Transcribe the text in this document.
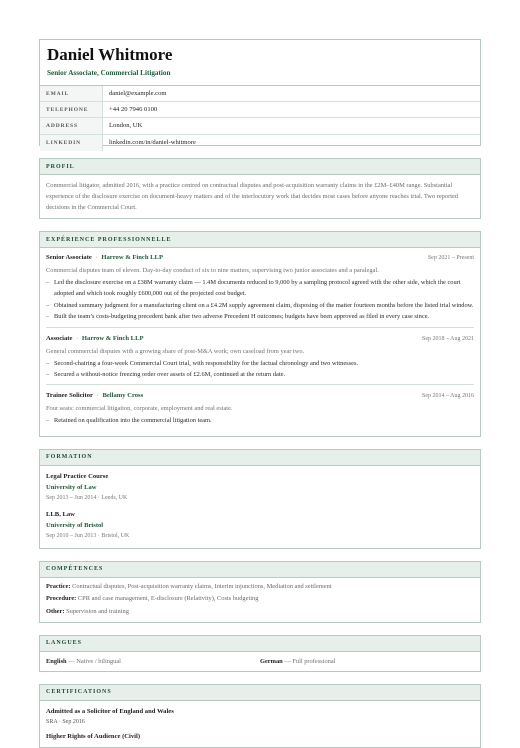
Daniel Whitmore
Senior Associate, Commercial Litigation
EMAIL	daniel@example.com
TELEPHONE	+44 20 7946 0100
ADDRESS	London, UK
LINKEDIN	linkedin.com/in/daniel-whitmore
PROFIL
Commercial litigator, admitted 2016, with a practice centred on contractual disputes and post-acquisition warranty claims in the £2M–£40M range. Substantial experience of the disclosure exercise on document-heavy matters and of the interlocutory work that decides most cases before anyone reaches trial. Two reported decisions in the Commercial Court.
EXPÉRIENCE PROFESSIONNELLE
Senior Associate · Harrow & Finch LLP	Sep 2021 – Present
Commercial disputes team of eleven. Day-to-day conduct of six to nine matters, supervising two junior associates and a paralegal.
– Led the disclosure exercise on a £38M warranty claim — 1.4M documents reduced to 9,000 by a sampling protocol agreed with the other side, which the court adopted and which took roughly £600,000 out of the projected cost budget.
– Obtained summary judgment for a manufacturing client on a £4.2M supply agreement claim, disposing of the matter fourteen months before the listed trial window.
– Built the team’s costs-budgeting precedent bank after two adverse Precedent H outcomes; budgets have been approved as filed in every case since.
Associate · Harrow & Finch LLP	Sep 2018 – Aug 2021
General commercial disputes with a growing share of post-M&A work; own caseload from year two.
– Second-chairing a four-week Commercial Court trial, with responsibility for the factual chronology and two witnesses.
– Secured a without-notice freezing order over assets of £2.6M, continued at the return date.
Trainee Solicitor · Bellamy Cross	Sep 2014 – Aug 2016
Four seats: commercial litigation, corporate, employment and real estate.
– Retained on qualification into the commercial litigation team.
FORMATION
Legal Practice Course
University of Law
Sep 2013 – Jun 2014 · Leeds, UK
LLB, Law
University of Bristol
Sep 2010 – Jun 2013 · Bristol, UK
COMPÉTENCES
Practice: Contractual disputes, Post-acquisition warranty claims, Interim injunctions, Mediation and settlement
Procedure: CPR and case management, E-disclosure (Relativity), Costs budgeting
Other: Supervision and training
LANGUES
English — Native / bilingual	German — Full professional
CERTIFICATIONS
Admitted as a Solicitor of England and Wales
SRA · Sep 2016
Higher Rights of Audience (Civil)
